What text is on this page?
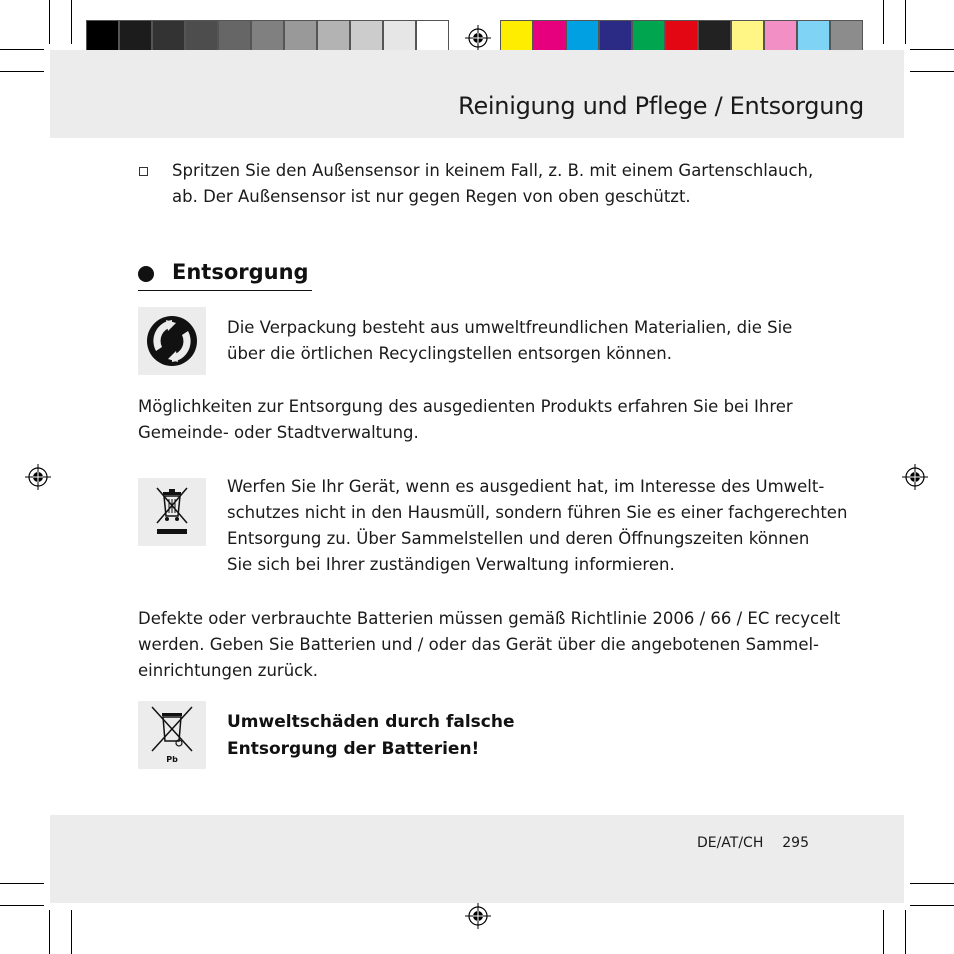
Reinigung und Pflege / Entsorgung
Spritzen Sie den Außensensor in keinem Fall, z. B. mit einem Gartenschlauch,
ab. Der Außensensor ist nur gegen Regen von oben geschützt.
Entsorgung
Die Verpackung besteht aus umweltfreundlichen Materialien, die Sie
über die örtlichen Recyclingstellen entsorgen können.
Möglichkeiten zur Entsorgung des ausgedienten Produkts erfahren Sie bei Ihrer
Gemeinde- oder Stadtverwaltung.
Werfen Sie Ihr Gerät, wenn es ausgedient hat, im Interesse des Umwelt-
schutzes nicht in den Hausmüll, sondern führen Sie es einer fachgerechten
Entsorgung zu. Über Sammelstellen und deren Öffnungszeiten können
Sie sich bei Ihrer zuständigen Verwaltung informieren.
Defekte oder verbrauchte Batterien müssen gemäß Richtlinie 2006 / 66 / EC recycelt
werden. Geben Sie Batterien und / oder das Gerät über die angebotenen Sammel-
einrichtungen zurück.
Pb
Umweltschäden durch falsche
Entsorgung der Batterien!
DE/AT/CH 295
